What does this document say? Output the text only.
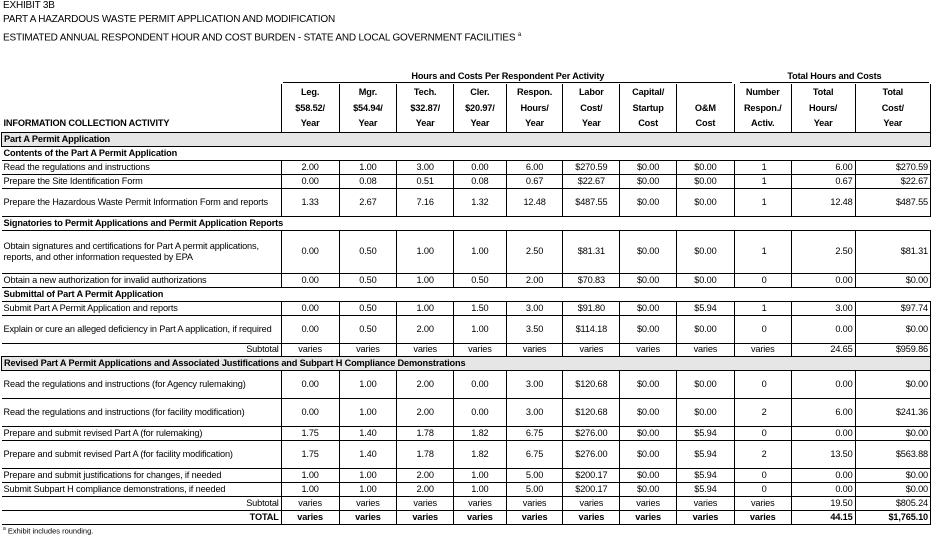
EXHIBIT 3B
PART A HAZARDOUS WASTE PERMIT APPLICATION AND MODIFICATION
ESTIMATED ANNUAL RESPONDENT HOUR AND COST BURDEN - STATE AND LOCAL GOVERNMENT FACILITIES $^a$

	Hours and Costs Per Respondent Per Activity								Total Hours and Costs		

	Leg.	Mgr.	Tech.	Cler.	Respon.	Labor	Capital/		Number	Total	Total
	$58.52/	$54.94/	$32.87/	$20.97/	Hours/	Cost/	Startup	O&M	Respon./	Hours/	Cost/
INFORMATION COLLECTION ACTIVITY	Year	Year	Year	Year	Year	Year	Cost	Cost	Activ.	Year	Year
Part A Permit Application											
Contents of the Part A Permit Application											
Read the regulations and instructions	2.00	1.00	3.00	0.00	6.00	$270.59	$0.00	$0.00	1	6.00	$270.59
Prepare the Site Identification Form	0.00	0.08	0.51	0.08	0.67	$22.67	$0.00	$0.00	1	0.67	$22.67
Prepare the Hazardous Waste Permit Information Form and reports	1.33	2.67	7.16	1.32	12.48	$487.55	$0.00	$0.00	1	12.48	$487.55
Signatories to Permit Applications and Permit Application Reports											
Obtain signatures and certifications for Part A permit applications, reports, and other information requested by EPA	0.00	0.50	1.00	1.00	2.50	$81.31	$0.00	$0.00	1	2.50	$81.31
Obtain a new authorization for invalid authorizations	0.00	0.50	1.00	0.50	2.00	$70.83	$0.00	$0.00	0	0.00	$0.00
Submittal of Part A Permit Application											
Submit Part A Permit Application and reports	0.00	0.50	1.00	1.50	3.00	$91.80	$0.00	$5.94	1	3.00	$97.74
Explain or cure an alleged deficiency in Part A application, if required	0.00	0.50	2.00	1.00	3.50	$114.18	$0.00	$0.00	0	0.00	$0.00
Subtotal	varies	varies	varies	varies	varies	varies	varies	varies	varies	24.65	$959.86
Revised Part A Permit Applications and Associated Justifications and Subpart H Compliance Demonstrations											
Read the regulations and instructions (for Agency rulemaking)	0.00	1.00	2.00	0.00	3.00	$120.68	$0.00	$0.00	0	0.00	$0.00
Read the regulations and instructions (for facility modification)	0.00	1.00	2.00	0.00	3.00	$120.68	$0.00	$0.00	2	6.00	$241.36
Prepare and submit revised Part A (for rulemaking)	1.75	1.40	1.78	1.82	6.75	$276.00	$0.00	$5.94	0	0.00	$0.00
Prepare and submit revised Part A (for facility modification)	1.75	1.40	1.78	1.82	6.75	$276.00	$0.00	$5.94	2	13.50	$563.88
Prepare and submit justifications for changes, if needed	1.00	1.00	2.00	1.00	5.00	$200.17	$0.00	$5.94	0	0.00	$0.00
Submit Subpart H compliance demonstrations, if needed	1.00	1.00	2.00	1.00	5.00	$200.17	$0.00	$5.94	0	0.00	$0.00
Subtotal	varies	varies	varies	varies	varies	varies	varies	varies	varies	19.50	$805.24
TOTAL	varies	varies	varies	varies	varies	varies	varies	varies	varies	44.15	$1,765.10
$^a$ Exhibit includes rounding.
